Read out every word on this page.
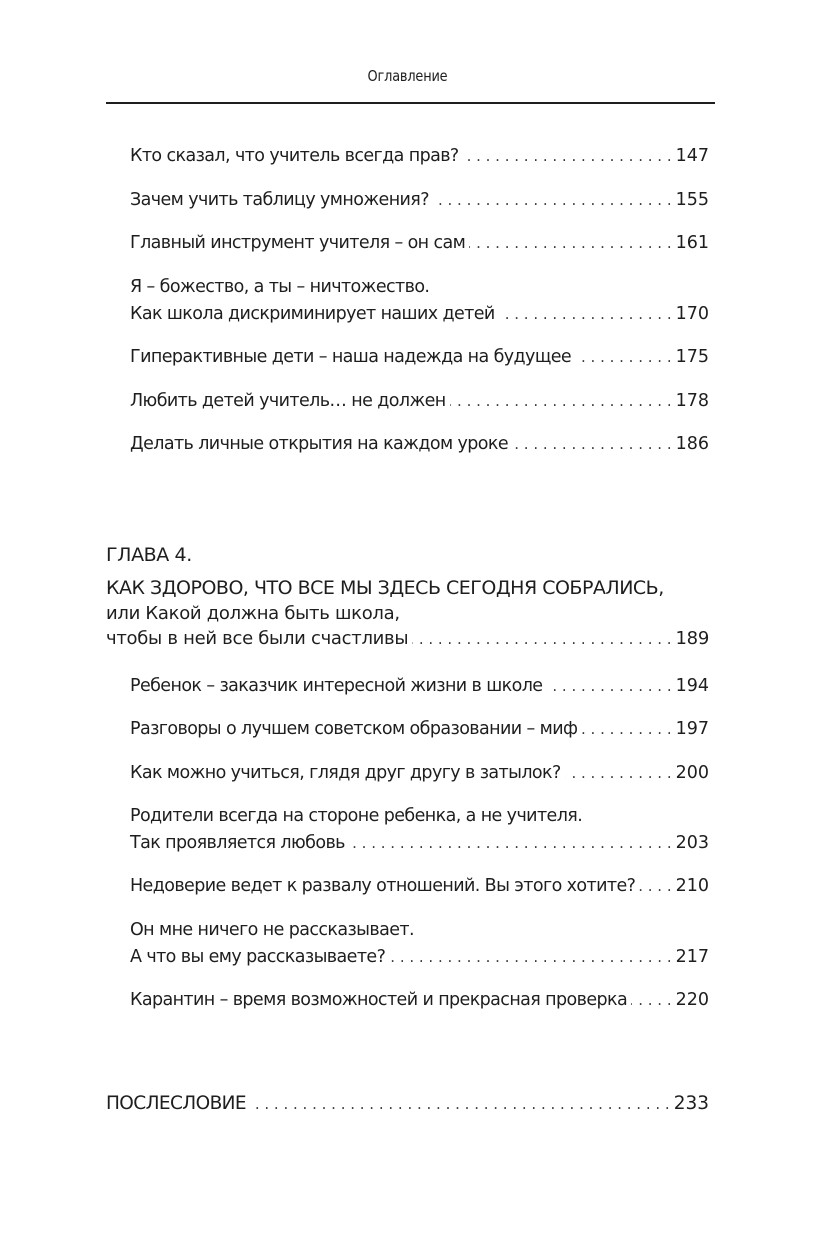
Оглавление
Кто сказал, что учитель всегда прав? . . .	147
Зачем учить таблицу умножения? . . .	155
Главный инструмент учителя – он сам . . .	161
Я – божество, а ты – ничтожество.
Как школа дискриминирует наших детей . . .	170
Гиперактивные дети – наша надежда на будущее . . .	175
Любить детей учитель… не должен . . .	178
Делать личные открытия на каждом уроке . . .	186
ГЛАВА 4.
КАК ЗДОРОВО, ЧТО ВСЕ МЫ ЗДЕСЬ СЕГОДНЯ СОБРАЛИСЬ,
или Какой должна быть школа,
чтобы в ней все были счастливы . . .	189
Ребенок – заказчик интересной жизни в школе . . .	194
Разговоры о лучшем советском образовании – миф . . .	197
Как можно учиться, глядя друг другу в затылок? . . .	200
Родители всегда на стороне ребенка, а не учителя.
Так проявляется любовь . . .	203
Недоверие ведет к развалу отношений. Вы этого хотите? . . . 210
Он мне ничего не рассказывает.
А что вы ему рассказываете? . . .	217
Карантин – время возможностей и прекрасная проверка . . .	220
ПОСЛЕСЛОВИЕ . . .	233
